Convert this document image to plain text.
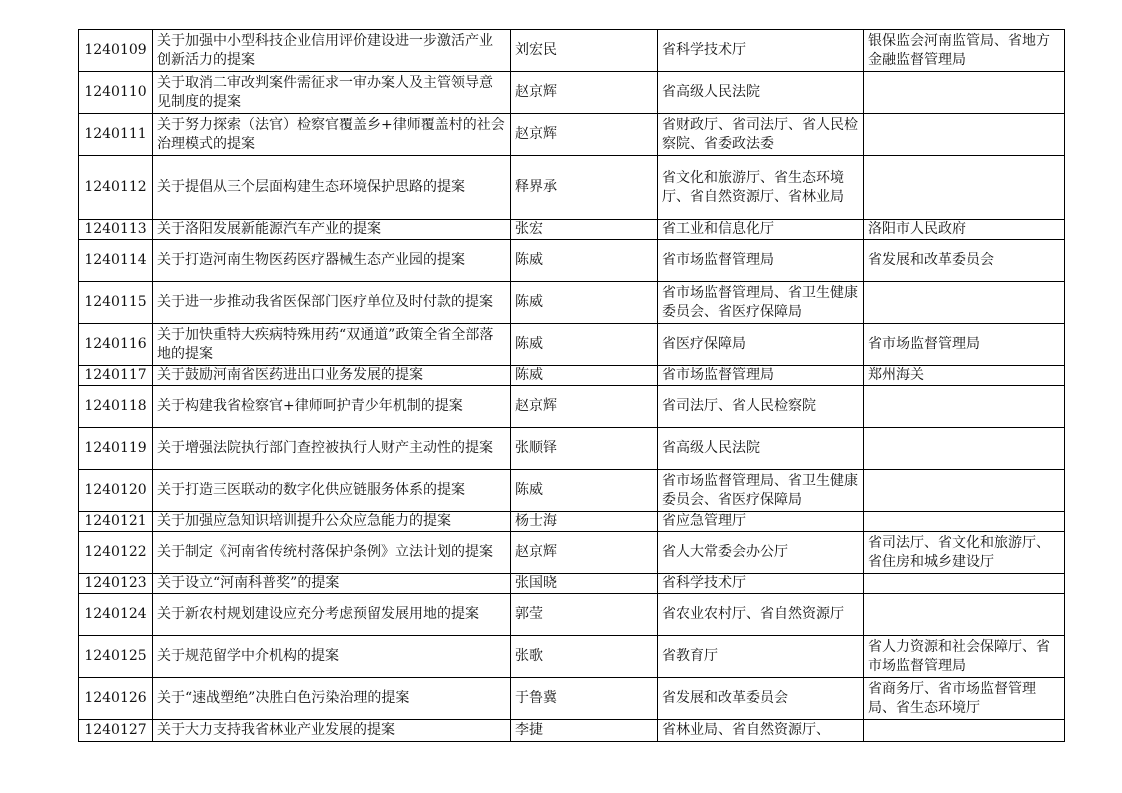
1240109	关于加强中小型科技企业信用评价建设进一步激活产业创新活力的提案	刘宏民	省科学技术厅	银保监会河南监管局、省地方金融监督管理局
1240110	关于取消二审改判案件需征求一审办案人及主管领导意见制度的提案	赵京辉	省高级人民法院	
1240111	关于努力探索（法官）检察官覆盖乡+律师覆盖村的社会治理模式的提案	赵京辉	省财政厅、省司法厅、省人民检察院、省委政法委	
1240112	关于提倡从三个层面构建生态环境保护思路的提案	释界承	省文化和旅游厅、省生态环境厅、省自然资源厅、省林业局	
1240113	关于洛阳发展新能源汽车产业的提案	张宏	省工业和信息化厅	洛阳市人民政府
1240114	关于打造河南生物医药医疗器械生态产业园的提案	陈威	省市场监督管理局	省发展和改革委员会
1240115	关于进一步推动我省医保部门医疗单位及时付款的提案	陈威	省市场监督管理局、省卫生健康委员会、省医疗保障局	
1240116	关于加快重特大疾病特殊用药“双通道”政策全省全部落地的提案	陈威	省医疗保障局	省市场监督管理局
1240117	关于鼓励河南省医药进出口业务发展的提案	陈威	省市场监督管理局	郑州海关
1240118	关于构建我省检察官+律师呵护青少年机制的提案	赵京辉	省司法厅、省人民检察院	
1240119	关于增强法院执行部门查控被执行人财产主动性的提案	张顺铎	省高级人民法院	
1240120	关于打造三医联动的数字化供应链服务体系的提案	陈威	省市场监督管理局、省卫生健康委员会、省医疗保障局	
1240121	关于加强应急知识培训提升公众应急能力的提案	杨士海	省应急管理厅	
1240122	关于制定《河南省传统村落保护条例》立法计划的提案	赵京辉	省人大常委会办公厅	省司法厅、省文化和旅游厅、省住房和城乡建设厅
1240123	关于设立“河南科普奖”的提案	张国晓	省科学技术厅	
1240124	关于新农村规划建设应充分考虑预留发展用地的提案	郭莹	省农业农村厅、省自然资源厅	
1240125	关于规范留学中介机构的提案	张歌	省教育厅	省人力资源和社会保障厅、省市场监督管理局
1240126	关于“速战塑绝”决胜白色污染治理的提案	于鲁冀	省发展和改革委员会	省商务厅、省市场监督管理局、省生态环境厅
1240127	关于大力支持我省林业产业发展的提案	李捷	省林业局、省自然资源厅、	
